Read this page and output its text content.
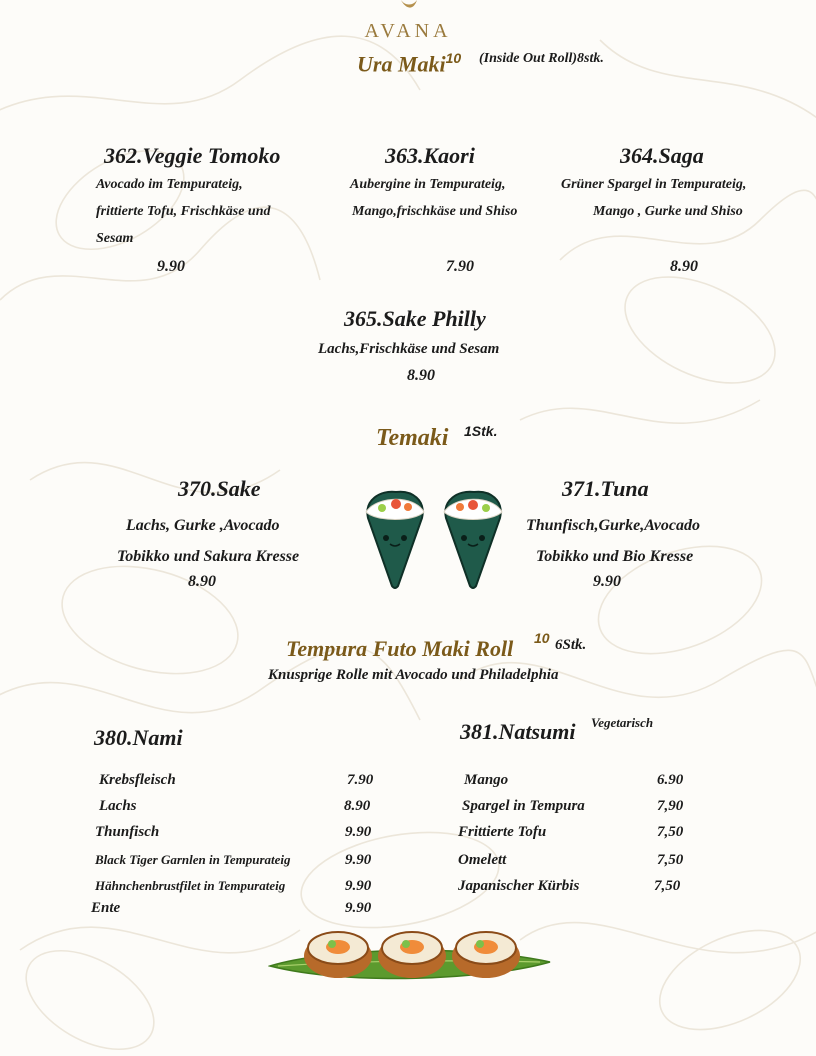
AVANA
Ura Maki$^{10}$ (Inside Out Roll)8stk.
362.Veggie Tomoko
Avocado im Tempurateig,
frittierte Tofu, Frischkäse und
Sesam
9.90
363.Kaori
Aubergine in Tempurateig,
Mango,frischkäse und Shiso
7.90
364.Saga
Grüner Spargel in Tempurateig,
Mango , Gurke und Shiso
8.90
365.Sake Philly
Lachs,Frischkäse und Sesam
8.90
Temaki 1Stk.
370.Sake
Lachs, Gurke ,Avocado
Tobikko und Sakura Kresse
8.90
371.Tuna
Thunfisch,Gurke,Avocado
Tobikko und Bio Kresse
9.90
Tempura Futo Maki Roll 10 6Stk.
Knusprige Rolle mit Avocado und Philadelphia
380.Nami
Krebsfleisch	7.90
Lachs	8.90
Thunfisch	9.90
Black Tiger Garnlen in Tempurateig	9.90
Hähnchenbrustfilet in Tempurateig	9.90
Ente	9.90
381.Natsumi Vegetarisch
Mango	6.90
Spargel in Tempura	7,90
Frittierte Tofu	7,50
Omelett	7,50
Japanischer Kürbis	7,50
